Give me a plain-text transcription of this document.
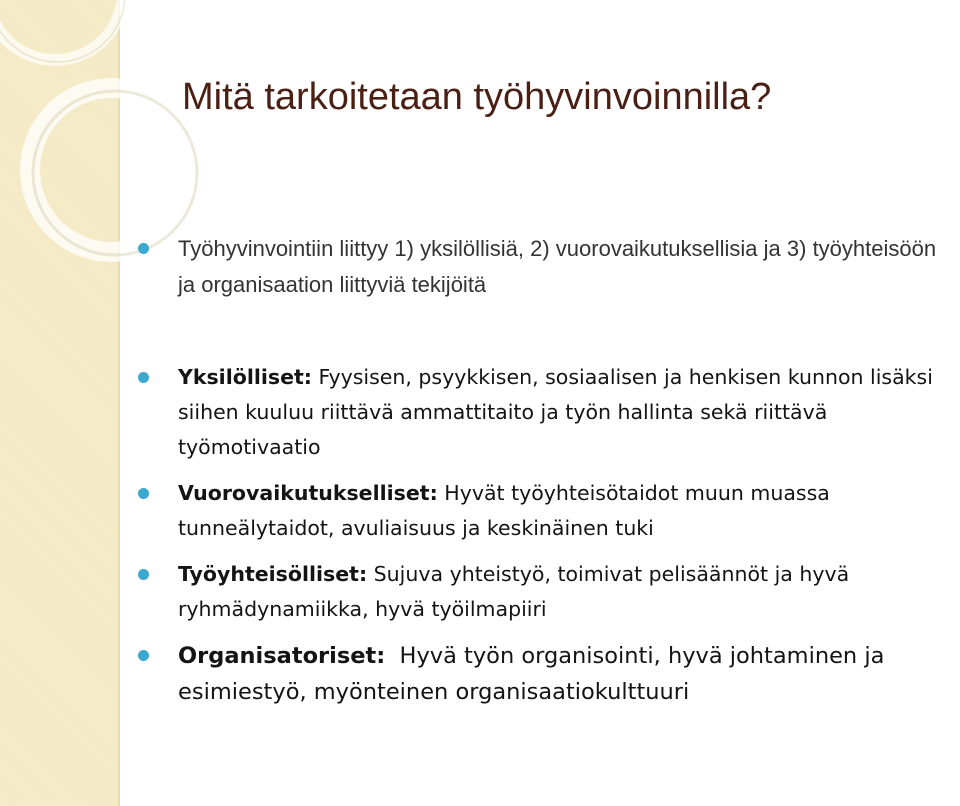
Mitä tarkoitetaan työhyvinvoinnilla?
Työhyvinvointiin liittyy 1) yksilöllisiä, 2) vuorovaikutuksellisia ja 3) työyhteisöön ja organisaation liittyviä tekijöitä
Yksilölliset: Fyysisen, psyykkisen, sosiaalisen ja henkisen kunnon lisäksi siihen kuuluu riittävä ammattitaito ja työn hallinta sekä riittävä työmotivaatio
Vuorovaikutukselliset: Hyvät työyhteisötaidot muun muassa tunneälytaidot, avuliaisuus ja keskinäinen tuki
Työyhteisölliset: Sujuva yhteistyö, toimivat pelisäännöt ja hyvä ryhmädynamiikka, hyvä työilmapiiri
Organisatoriset:  Hyvä työn organisointi, hyvä johtaminen ja esimiestyö, myönteinen organisaatiokulttuuri
